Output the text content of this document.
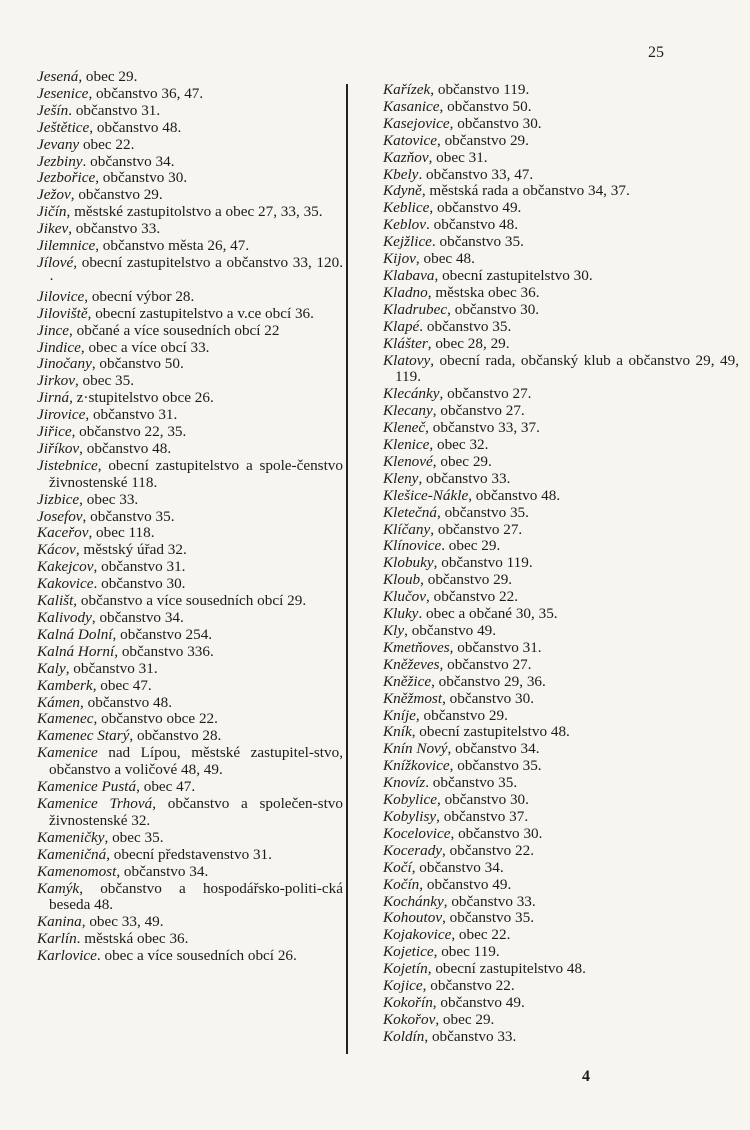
25
Jesená, obec 29.
Jesenice, občanstvo 36, 47.
Ješín. občanstvo 31.
Ještětice, občanstvo 48.
Jevany obec 22.
Jezbiny. občanstvo 34.
Jezbořice, občanstvo 30.
Ježov, občanstvo 29.
Jičín, městské zastupitolstvo a obec 27, 33, 35.
Jikev, občanstvo 33.
Jilemnice, občanstvo města 26, 47.
Jílové, obecní zastupitelstvo a občanstvo 33, 120. ·
Jilovice, obecní výbor 28.
Jiloviště, obecní zastupitelstvo a v.ce obcí 36.
Jince, občané a více sousedních obcí 22
Jindice, obec a více obcí 33.
Jinočany, občanstvo 50.
Jirkov, obec 35.
Jirná, z·stupitelstvo obce 26.
Jirovice, občanstvo 31.
Jiřice, občanstvo 22, 35.
Jiříkov, občanstvo 48.
Jistebnice, obecní zastupitelstvo a spole-čenstvo živnostenské 118.
Jizbice, obec 33.
Josefov, občanstvo 35.
Kaceřov, obec 118.
Kácov, městský úřad 32.
Kakejcov, občanstvo 31.
Kakovice. občanstvo 30.
Kališt, občanstvo a více sousedních obcí 29.
Kalivody, občanstvo 34.
Kalná Dolní, občanstvo 254.
Kalná Horní, občanstvo 336.
Kaly, občanstvo 31.
Kamberk, obec 47.
Kámen, občanstvo 48.
Kamenec, občanstvo obce 22.
Kamenec Starý, občanstvo 28.
Kamenice nad Lípou, městské zastupitel-stvo, občanstvo a voličové 48, 49.
Kamenice Pustá, obec 47.
Kamenice Trhová, občanstvo a společen-stvo živnostenské 32.
Kameničky, obec 35.
Kameničná, obecní představenstvo 31.
Kamenomost, občanstvo 34.
Kamýk, občanstvo a hospodářsko-politi-cká beseda 48.
Kanina, obec 33, 49.
Karlín. městská obec 36.
Karlovice. obec a více sousedních obcí 26.
Kařízek, občanstvo 119.
Kasanice, občanstvo 50.
Kasejovice, občanstvo 30.
Katovice, občanstvo 29.
Kazňov, obec 31.
Kbely. občanstvo 33, 47.
Kdyně, městská rada a občanstvo 34, 37.
Keblice, občanstvo 49.
Keblov. občanstvo 48.
Kejžlice. občanstvo 35.
Kijov, obec 48.
Klabava, obecní zastupitelstvo 30.
Kladno, městska obec 36.
Kladrubec, občanstvo 30.
Klapé. občanstvo 35.
Klášter, obec 28, 29.
Klatovy, obecní rada, občanský klub a občanstvo 29, 49, 119.
Klecánky, občanstvo 27.
Klecany, občanstvo 27.
Kleneč, občanstvo 33, 37.
Klenice, obec 32.
Klenové, obec 29.
Kleny, občanstvo 33.
Klešice-Nákle, občanstvo 48.
Kletečná, občanstvo 35.
Klíčany, občanstvo 27.
Klínovice. obec 29.
Klobuky, občanstvo 119.
Kloub, občanstvo 29.
Klučov, občanstvo 22.
Kluky. obec a občané 30, 35.
Kly, občanstvo 49.
Kmetňoves, občanstvo 31.
Kněževes, občanstvo 27.
Kněžice, občanstvo 29, 36.
Kněžmost, občanstvo 30.
Kníje, občanstvo 29.
Kník, obecní zastupitelstvo 48.
Knín Nový, občanstvo 34.
Knížkovice, občanstvo 35.
Knovíz. občanstvo 35.
Kobylice, občanstvo 30.
Kobylisy, občanstvo 37.
Kocelovice, občanstvo 30.
Kocerady, občanstvo 22.
Kočí, občanstvo 34.
Kočín, občanstvo 49.
Kochánky, občanstvo 33.
Kohoutov, občanstvo 35.
Kojakovice, obec 22.
Kojetice, obec 119.
Kojetín, obecní zastupitelstvo 48.
Kojice, občanstvo 22.
Kokořín, občanstvo 49.
Kokořov, obec 29.
Koldín, občanstvo 33.
4
